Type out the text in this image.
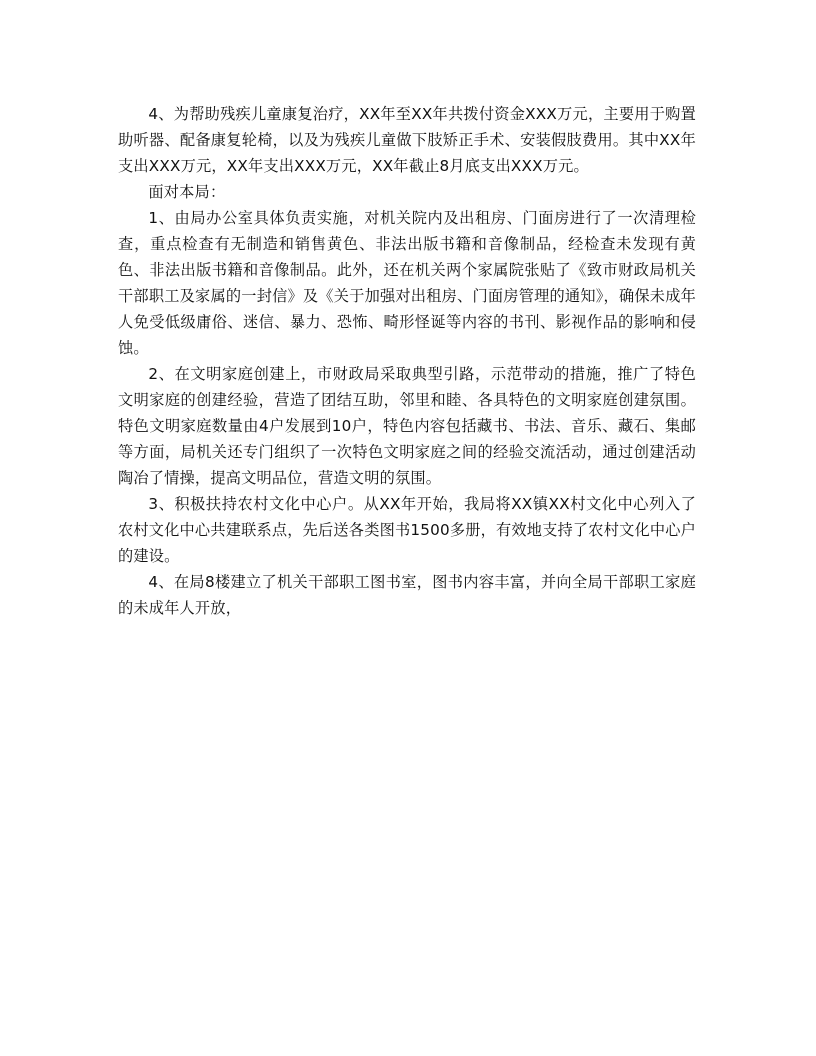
4、为帮助残疾儿童康复治疗，XX年至XX年共拨付资金XXX万元，主要用于购置助听器、配备康复轮椅，以及为残疾儿童做下肢矫正手术、安装假肢费用。其中XX年支出XXX万元，XX年支出XXX万元，XX年截止8月底支出XXX万元。

面对本局：

1、由局办公室具体负责实施，对机关院内及出租房、门面房进行了一次清理检查，重点检查有无制造和销售黄色、非法出版书籍和音像制品，经检查未发现有黄色、非法出版书籍和音像制品。此外，还在机关两个家属院张贴了《致市财政局机关干部职工及家属的一封信》及《关于加强对出租房、门面房管理的通知》，确保未成年人免受低级庸俗、迷信、暴力、恐怖、畸形怪诞等内容的书刊、影视作品的影响和侵蚀。

2、在文明家庭创建上，市财政局采取典型引路，示范带动的措施，推广了特色文明家庭的创建经验，营造了团结互助，邻里和睦、各具特色的文明家庭创建氛围。特色文明家庭数量由4户发展到10户，特色内容包括藏书、书法、音乐、藏石、集邮等方面，局机关还专门组织了一次特色文明家庭之间的经验交流活动，通过创建活动陶冶了情操，提高文明品位，营造文明的氛围。

3、积极扶持农村文化中心户。从XX年开始，我局将XX镇XX村文化中心列入了农村文化中心共建联系点，先后送各类图书1500多册，有效地支持了农村文化中心户的建设。

4、在局8楼建立了机关干部职工图书室，图书内容丰富，并向全局干部职工家庭的未成年人开放，
